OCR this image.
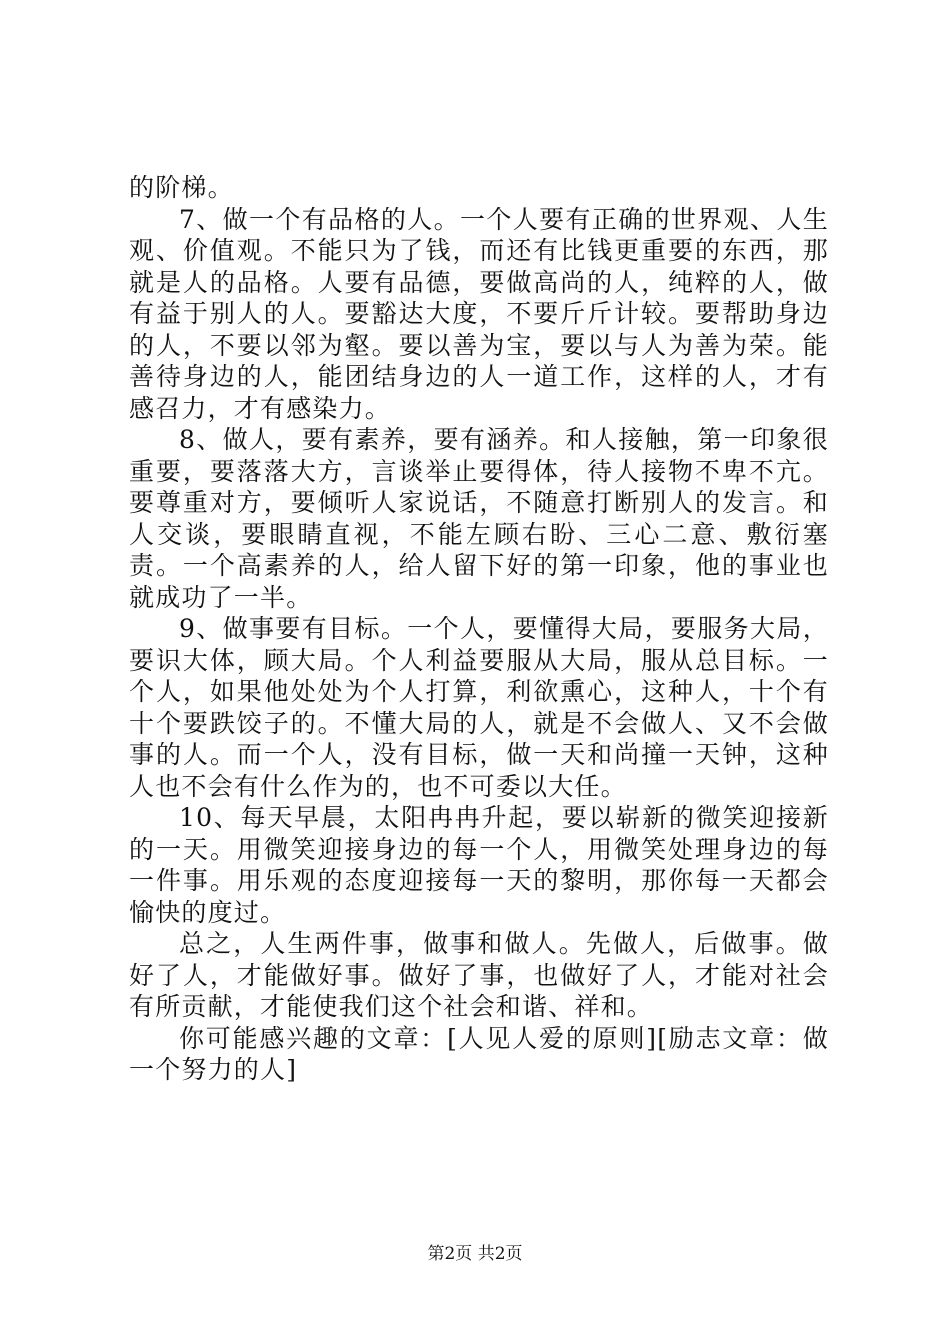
的阶梯。

7、做一个有品格的人。一个人要有正确的世界观、人生观、价值观。不能只为了钱，而还有比钱更重要的东西，那就是人的品格。人要有品德，要做高尚的人，纯粹的人，做有益于别人的人。要豁达大度，不要斤斤计较。要帮助身边的人，不要以邻为壑。要以善为宝，要以与人为善为荣。能善待身边的人，能团结身边的人一道工作，这样的人，才有感召力，才有感染力。

8、做人，要有素养，要有涵养。和人接触，第一印象很重要，要落落大方，言谈举止要得体，待人接物不卑不亢。要尊重对方，要倾听人家说话，不随意打断别人的发言。和人交谈，要眼睛直视，不能左顾右盼、三心二意、敷衍塞责。一个高素养的人，给人留下好的第一印象，他的事业也就成功了一半。

9、做事要有目标。一个人，要懂得大局，要服务大局，要识大体，顾大局。个人利益要服从大局，服从总目标。一个人，如果他处处为个人打算，利欲熏心，这种人，十个有十个要跌饺子的。不懂大局的人，就是不会做人、又不会做事的人。而一个人，没有目标，做一天和尚撞一天钟，这种人也不会有什么作为的，也不可委以大任。

10、每天早晨，太阳冉冉升起，要以崭新的微笑迎接新的一天。用微笑迎接身边的每一个人，用微笑处理身边的每一件事。用乐观的态度迎接每一天的黎明，那你每一天都会愉快的度过。

总之，人生两件事，做事和做人。先做人，后做事。做好了人，才能做好事。做好了事，也做好了人，才能对社会有所贡献，才能使我们这个社会和谐、祥和。

你可能感兴趣的文章：[人见人爱的原则][励志文章：做一个努力的人]

第2页 共2页
